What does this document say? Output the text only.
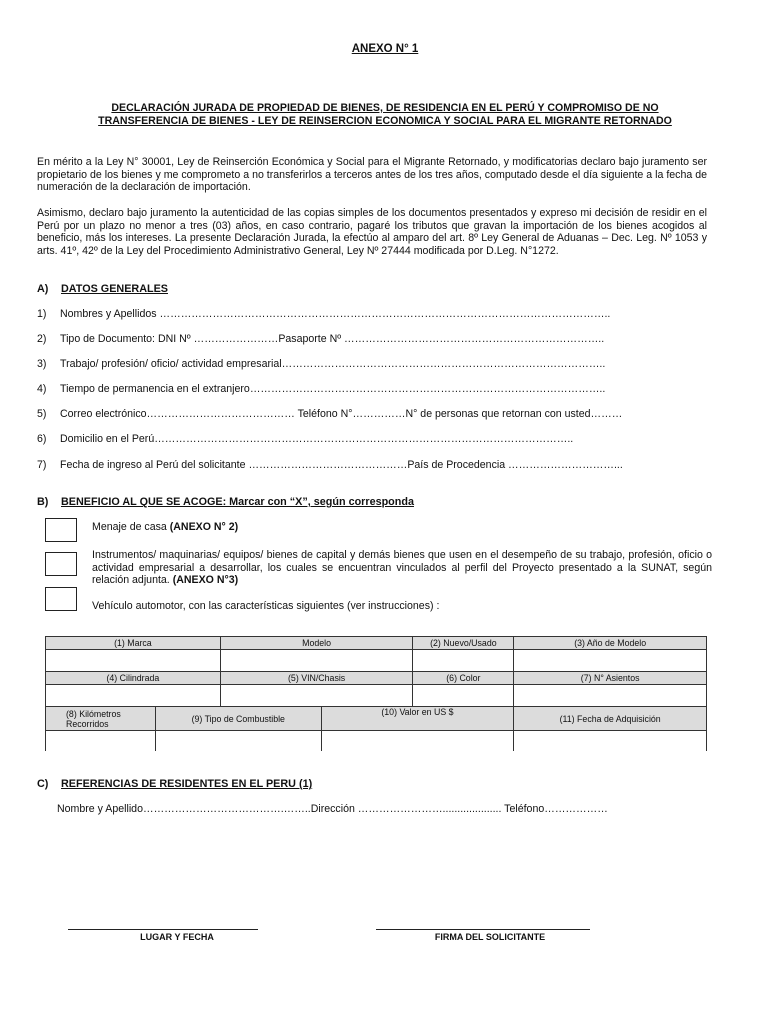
ANEXO N° 1
DECLARACIÓN JURADA DE PROPIEDAD DE BIENES, DE RESIDENCIA EN EL PERÚ Y COMPROMISO DE NO
TRANSFERENCIA DE BIENES - LEY DE REINSERCION ECONOMICA Y SOCIAL PARA EL MIGRANTE RETORNADO
En mérito a la Ley N° 30001, Ley de Reinserción Económica y Social para el Migrante Retornado, y modificatorias declaro bajo juramento ser propietario de los bienes y me comprometo a no transferirlos a terceros antes de los tres años, computado desde el día siguiente a la fecha de numeración de la declaración de importación.
Asimismo, declaro bajo juramento la autenticidad de las copias simples de los documentos presentados y expreso mi decisión de residir en el Perú por un plazo no menor a tres (03) años, en caso contrario, pagaré los tributos que gravan la importación de los bienes acogidos al beneficio, más los intereses. La presente Declaración Jurada, la efectúo al amparo del art. 8º Ley General de Aduanas – Dec. Leg. Nº 1053 y arts. 41º, 42º de la Ley del Procedimiento Administrativo General, Ley Nº 27444 modificada por D.Leg. N°1272.
A) DATOS GENERALES
1) Nombres y Apellidos ………………………………………………………………………………………………………………..
2) Tipo de Documento: DNI Nº ……………………Pasaporte Nº ………………………………………………………………..
3) Trabajo/ profesión/ oficio/ actividad empresarial………………………………………………………………………………..
4) Tiempo de permanencia en el extranjero………………………………………………………………………………………..
5) Correo electrónico…………………………………… Teléfono N°……………N° de personas que retornan con usted………
6) Domicilio en el Perú………………………………………………………………………………………………………..
7) Fecha de ingreso al Perú del solicitante ………………………………………País de Procedencia …………………………...
B) BENEFICIO AL QUE SE ACOGE: Marcar con “X”, según corresponda
Menaje de casa (ANEXO N° 2)
Instrumentos/ maquinarias/ equipos/ bienes de capital y demás bienes que usen en el desempeño de su trabajo, profesión, oficio o actividad empresarial a desarrollar, los cuales se encuentran vinculados al perfil del Proyecto presentado a la SUNAT, según relación adjunta. (ANEXO N°3)
Vehículo automotor, con las características siguientes (ver instrucciones) :
(1) Marca		Modelo		(2) Nuevo/Usado	(3) Año de Modelo

(4) Cilindrada		(5) VIN/Chasis		(6) Color	(7) N° Asientos

(8) Kilómetros Recorridos	(9) Tipo de Combustible		(10) Valor en US $		(11) Fecha de Adquisición

C) REFERENCIAS DE RESIDENTES EN EL PERU (1)
Nombre y Apellido………………………………….……..Dirección …………………….................... Teléfono………………
LUGAR Y FECHA	FIRMA DEL SOLICITANTE
